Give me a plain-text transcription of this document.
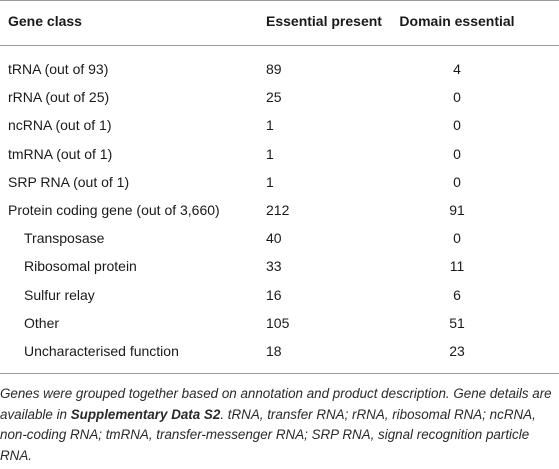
Gene class	Essential present	Domain essential
tRNA (out of 93)	89	4
rRNA (out of 25)	25	0
ncRNA (out of 1)	1	0
tmRNA (out of 1)	1	0
SRP RNA (out of 1)	1	0
Protein coding gene (out of 3,660)	212	91
Transposase	40	0
Ribosomal protein	33	11
Sulfur relay	16	6
Other	105	51
Uncharacterised function	18	23
Genes were grouped together based on annotation and product description. Gene details are available in Supplementary Data S2. tRNA, transfer RNA; rRNA, ribosomal RNA; ncRNA, non-coding RNA; tmRNA, transfer-messenger RNA; SRP RNA, signal recognition particle RNA.
